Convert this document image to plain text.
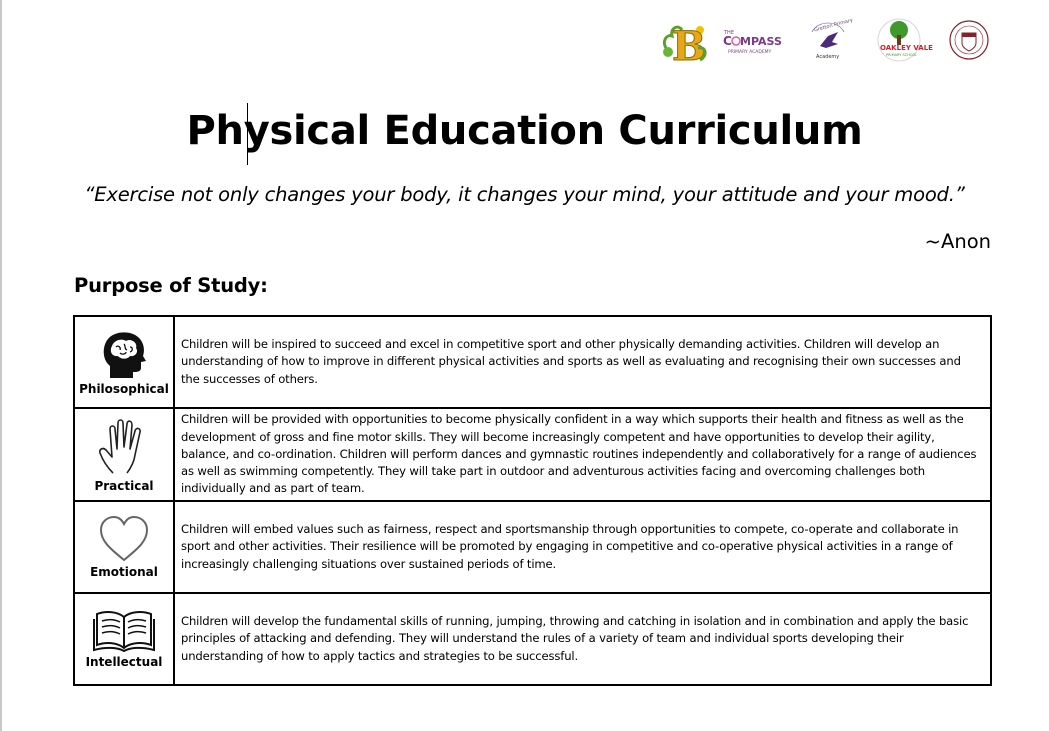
B	THE
C MPASS
PRIMARY ACADEMY
Gretton Primary
Academy
OAKLEY VALE
PRIMARY SCHOOL
Physical Education Curriculum
“Exercise not only changes your body, it changes your mind, your attitude and your mood.”
~Anon
Purpose of Study:
Philosophical	Children will be inspired to succeed and excel in competitive sport and other physically demanding activities. Children will develop an understanding of how to improve in different physical activities and sports as well as evaluating and recognising their own successes and the successes of others.

Practical	Children will be provided with opportunities to become physically confident in a way which supports their health and fitness as well as the development of gross and fine motor skills. They will become increasingly competent and have opportunities to develop their agility, balance, and co-ordination. Children will perform dances and gymnastic routines independently and collaboratively for a range of audiences as well as swimming competently. They will take part in outdoor and adventurous activities facing and overcoming challenges both individually and as part of team.

Emotional	Children will embed values such as fairness, respect and sportsmanship through opportunities to compete, co-operate and collaborate in sport and other activities. Their resilience will be promoted by engaging in competitive and co-operative physical activities in a range of increasingly challenging situations over sustained periods of time.

Intellectual	Children will develop the fundamental skills of running, jumping, throwing and catching in isolation and in combination and apply the basic principles of attacking and defending. They will understand the rules of a variety of team and individual sports developing their understanding of how to apply tactics and strategies to be successful.
